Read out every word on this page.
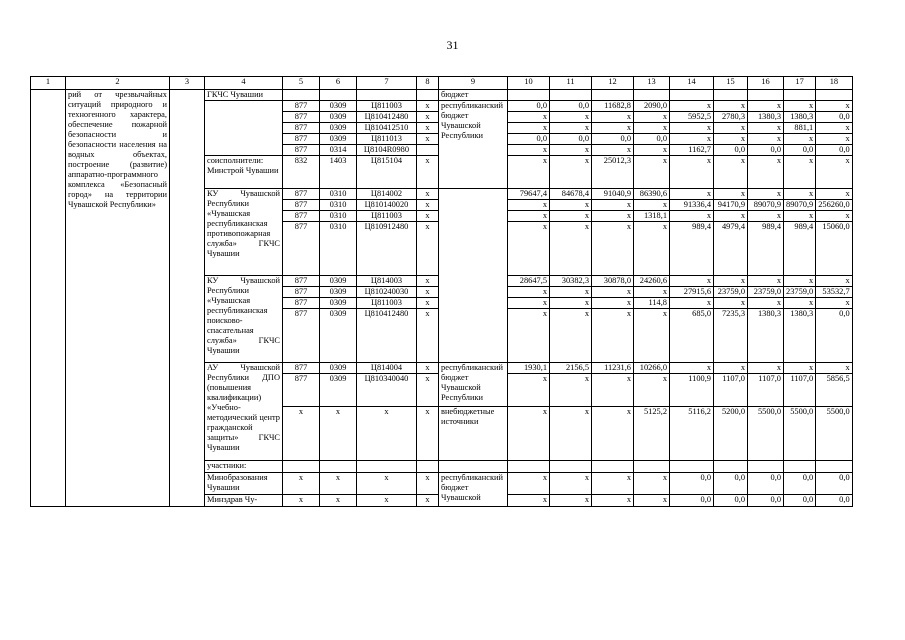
31
1	2	3	4	5	6	7	8	9	10	11	12	13	14	15	16	17	18
	рий от чрезвычайных ситуаций природного и техногенного характера, обеспечение пожарной безопасности и безопасности населения на водных объектах, построение (развитие) аппаратно-программного комплекса «Безопасный город» на территории Чувашской Республики»		ГКЧС Чувашии					бюджет									
				877	0309	Ц811003	x	республиканский бюджет Чувашской Республики	0,0	0,0	11682,8	2090,0	x	x	x	x	x
				877	0309	Ц810412480	x		x	x	x	x	5952,5	2780,3	1380,3	1380,3	0,0
				877	0309	Ц810412510	x		x	x	x	x	x	x	x	881,1	x
				877	0309	Ц811013	x		0,0	0,0	0,0	0,0	x	x	x	x	x
				877	0314	Ц8104R0980			x	x	x	x	1162,7	0,0	0,0	0,0	0,0
			соисполнители: Минстрой Чувашии	832	1403	Ц815104	x		x	x	25012,3	x	x	x	x	x	x
			КУ Чувашской Республики «Чувашская республиканская противопожарная служба» ГКЧС Чувашии	877	0310	Ц814002	x		79647,4	84678,4	91040,9	86390,6	x	x	x	x	x
				877	0310	Ц810140020	x		x	x	x	x	91336,4	94170,9	89070,9	89070,9	256260,0
				877	0310	Ц811003	x		x	x	x	1318,1	x	x	x	x	x
				877	0310	Ц810912480	x		x	x	x	x	989,4	4979,4	989,4	989,4	15060,0
			КУ Чувашской Республики «Чувашская республиканская поисково-спасательная служба» ГКЧС Чувашии	877	0309	Ц814003	x		28647,5	30382,3	30878,0	24260,6	x	x	x	x	x
				877	0309	Ц810240030	x		x	x	x	x	27915,6	23759,0	23759,0	23759,0	53532,7
				877	0309	Ц811003	x		x	x	x	114,8	x	x	x	x	x
				877	0309	Ц810412480	x		x	x	x	x	685,0	7235,3	1380,3	1380,3	0,0
			АУ Чувашской Республики ДПО (повышения квалификации) «Учебно-методический центр гражданской защиты» ГКЧС Чувашии	877	0309	Ц814004	x	республиканский бюджет Чувашской Республики	1930,1	2156,5	11231,6	10266,0	x	x	x	x	x
				877	0309	Ц810340040	x		x	x	x	x	1100,9	1107,0	1107,0	1107,0	5856,5
				x	x	x	x	внебюджетные источники	x	x	x	5125,2	5116,2	5200,0	5500,0	5500,0	5500,0
			участники:														
			Минобразования Чувашии	x	x	x	x	республиканский бюджет Чувашской	x	x	x	x	0,0	0,0	0,0	0,0	0,0
			Минздрав Чу-	x	x	x	x		x	x	x	x	0,0	0,0	0,0	0,0	0,0
